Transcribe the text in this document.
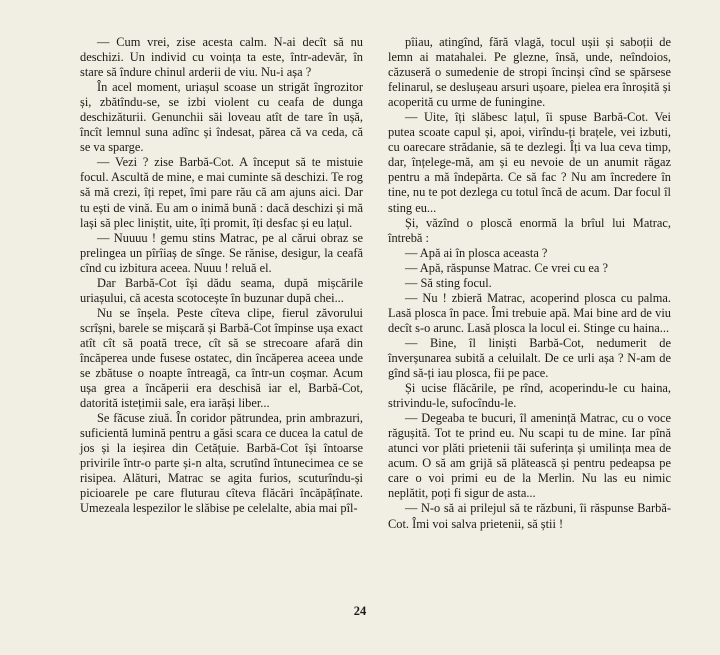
— Cum vrei, zise acesta calm. N-ai decît să nu deschizi. Un individ cu voința ta este, într-adevăr, în stare să îndure chinul arderii de viu. Nu-i așa ?

În acel moment, uriașul scoase un strigăt îngrozitor și, zbătîndu-se, se izbi violent cu ceafa de dunga deschizăturii. Genunchii săi loveau atît de tare în ușă, încît lemnul suna adînc și îndesat, părea că va ceda, că se va sparge.

— Vezi ? zise Barbă-Cot. A început să te mistuie focul. Ascultă de mine, e mai cuminte să deschizi. Te rog să mă crezi, îți repet, îmi pare rău că am ajuns aici. Dar tu ești de vină. Eu am o inimă bună : dacă deschizi și mă lași să plec liniștit, uite, îți promit, îți desfac și eu lațul.

— Nuuuu ! gemu stins Matrac, pe al cărui obraz se prelingea un pîrîiaș de sînge. Se rănise, desigur, la ceafă cînd cu izbitura aceea. Nuuu ! reluă el.

Dar Barbă-Cot își dădu seama, după mișcările uriașului, că acesta scotocește în buzunar după chei...

Nu se înșela. Peste cîteva clipe, fierul zăvorului scrîșni, barele se mișcară și Barbă-Cot împinse ușa exact atît cît să poată trece, cît să se strecoare afară din încăperea unde fusese ostatec, din încăperea aceea unde se zbătuse o noapte întreagă, ca într-un coșmar. Acum ușa grea a încăperii era deschisă iar el, Barbă-Cot, datorită istețimii sale, era iarăși liber...

Se făcuse ziuă. În coridor pătrundea, prin ambrazuri, suficientă lumină pentru a găsi scara ce ducea la catul de jos și la ieșirea din Cetățuie. Barbă-Cot își întoarse privirile într-o parte și-n alta, scrutînd întunecimea ce se risipea. Alături, Matrac se agita furios, scuturîndu-și picioarele pe care fluturau cîteva flăcări încăpățînate. Umezeala lespezilor le slăbise pe celelalte, abia mai pîl-

pîiau, atingînd, fără vlagă, tocul ușii și saboții de lemn ai matahalei. Pe glezne, însă, unde, neîndoios, căzuseră o sumedenie de stropi încinși cînd se spărsese felinarul, se deslușeau arsuri ușoare, pielea era înroșită și acoperită cu urme de funingine.

— Uite, îți slăbesc lațul, îi spuse Barbă-Cot. Vei putea scoate capul și, apoi, virîndu-ți brațele, vei izbuti, cu oarecare strădanie, să te dezlegi. Îți va lua ceva timp, dar, înțelege-mă, am și eu nevoie de un anumit răgaz pentru a mă îndepărta. Ce să fac ? Nu am încredere în tine, nu te pot dezlega cu totul încă de acum. Dar focul îl sting eu...

Și, văzînd o ploscă enormă la brîul lui Matrac, întrebă :

— Apă ai în plosca aceasta ?

— Apă, răspunse Matrac. Ce vrei cu ea ?

— Să sting focul.

— Nu ! zbieră Matrac, acoperind plosca cu palma. Lasă plosca în pace. Îmi trebuie apă. Mai bine ard de viu decît s-o arunc. Lasă plosca la locul ei. Stinge cu haina...

— Bine, îl liniști Barbă-Cot, nedumerit de înverșunarea subită a celuilalt. De ce urli așa ? N-am de gînd să-ți iau plosca, fii pe pace.

Și ucise flăcările, pe rînd, acoperindu-le cu haina, strivindu-le, sufocîndu-le.

— Degeaba te bucuri, îl amenință Matrac, cu o voce răgușită. Tot te prind eu. Nu scapi tu de mine. Iar pînă atunci vor plăti prietenii tăi suferința și umilința mea de acum. O să am grijă să plătească și pentru pedeapsa pe care o voi primi eu de la Merlin. Nu las eu nimic neplătit, poți fi sigur de asta...

— N-o să ai prilejul să te răzbuni, îi răspunse Barbă-Cot. Îmi voi salva prietenii, să știi !

24
